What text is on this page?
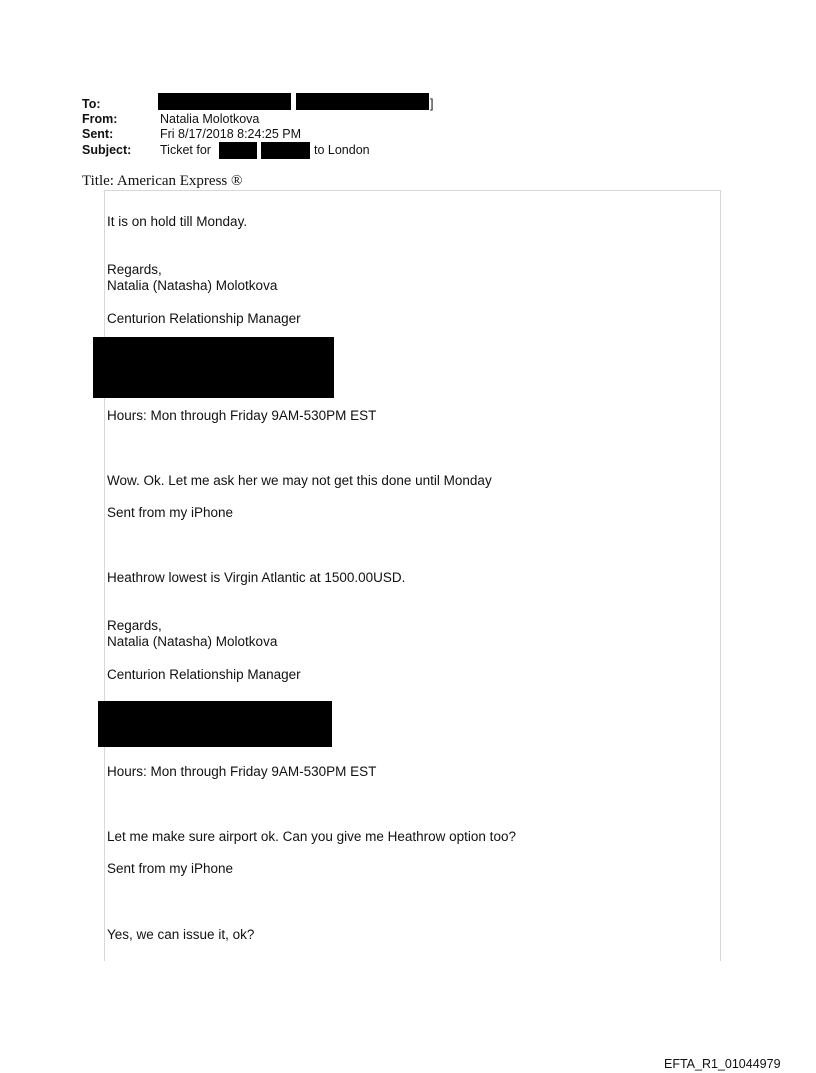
To:	]
From:	Natalia Molotkova
Sent:	Fri 8/17/2018 8:24:25 PM
Subject: Ticket for	to London
Title: American Express ®
It is on hold till Monday.
Regards,
Natalia (Natasha) Molotkova
Centurion Relationship Manager
Hours: Mon through Friday 9AM-530PM EST
Wow. Ok. Let me ask her we may not get this done until Monday
Sent from my iPhone
Heathrow lowest is Virgin Atlantic at 1500.00USD.
Regards,
Natalia (Natasha) Molotkova
Centurion Relationship Manager
Hours: Mon through Friday 9AM-530PM EST
Let me make sure airport ok. Can you give me Heathrow option too?
Sent from my iPhone
Yes, we can issue it, ok?
EFTA_R1_01044979
